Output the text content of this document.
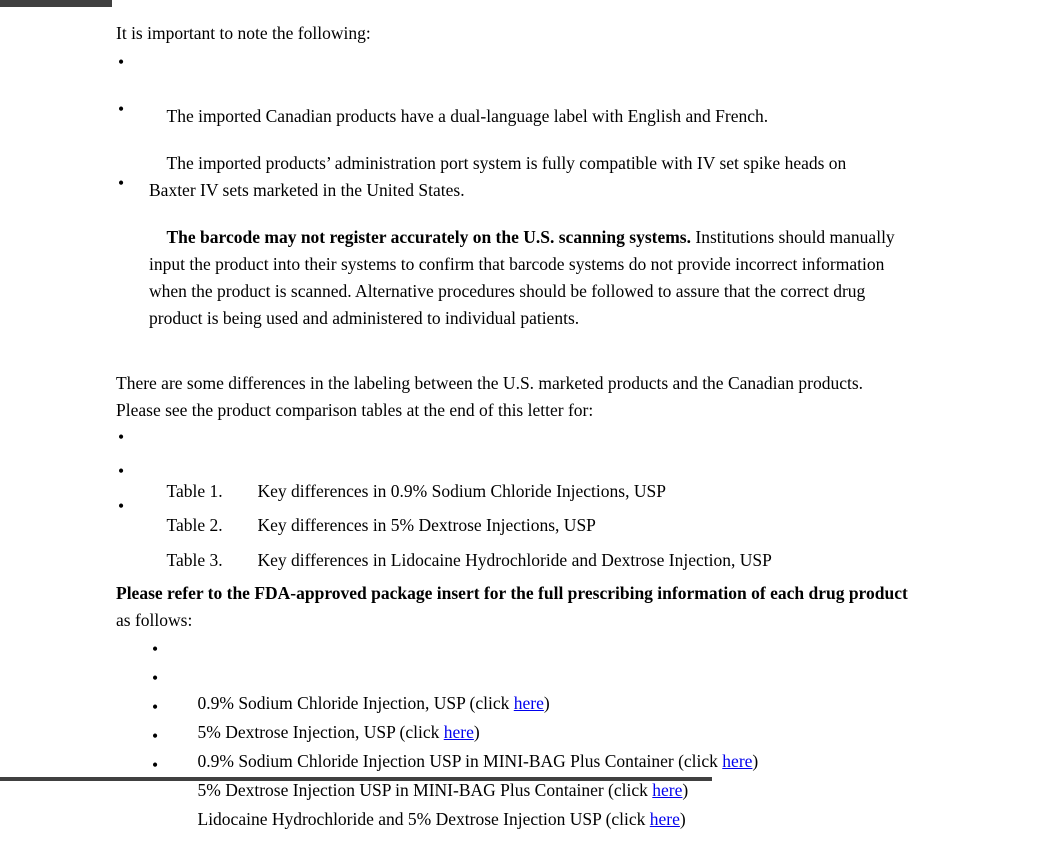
It is important to note the following:

•

The imported Canadian products have a dual-language label with English and French.

•

The imported products’ administration port system is fully compatible with IV set spike heads on Baxter IV sets marketed in the United States.

•

The barcode may not register accurately on the U.S. scanning systems. Institutions should manually input the product into their systems to confirm that barcode systems do not provide incorrect information when the product is scanned. Alternative procedures should be followed to assure that the correct drug product is being used and administered to individual patients.

There are some differences in the labeling between the U.S. marketed products and the Canadian products.  Please see the product comparison tables at the end of this letter for:

•

Table 1. Key differences in 0.9% Sodium Chloride Injections, USP

•

Table 2. Key differences in 5% Dextrose Injections, USP

•

Table 3. Key differences in Lidocaine Hydrochloride and Dextrose Injection, USP

Please refer to the FDA-approved package insert for the full prescribing information of each drug product as follows:

•

0.9% Sodium Chloride Injection, USP (click here)

•

5% Dextrose Injection, USP (click here)

•

0.9% Sodium Chloride Injection USP in MINI-BAG Plus Container (click here)

•

5% Dextrose Injection USP in MINI-BAG Plus Container (click here)

•

Lidocaine Hydrochloride and 5% Dextrose Injection USP (click here)
